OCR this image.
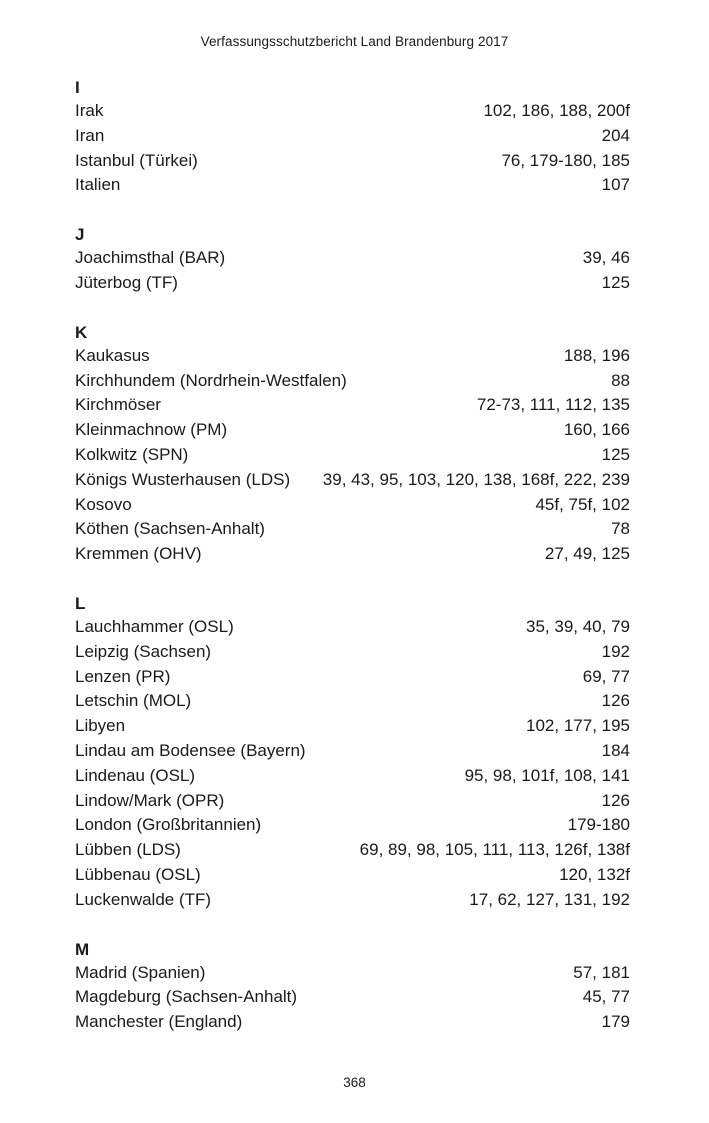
Verfassungsschutzbericht Land Brandenburg 2017
I
Irak	102, 186, 188, 200f
Iran	204
Istanbul (Türkei)	76, 179-180, 185
Italien	107
J
Joachimsthal (BAR)	39, 46
Jüterbog (TF)	125
K
Kaukasus	188, 196
Kirchhundem (Nordrhein-Westfalen)	88
Kirchmöser	72-73, 111, 112, 135
Kleinmachnow (PM)	160, 166
Kolkwitz (SPN)	125
Königs Wusterhausen (LDS) 39, 43, 95, 103, 120, 138, 168f, 222, 239
Kosovo	45f, 75f, 102
Köthen (Sachsen-Anhalt)	78
Kremmen (OHV)	27, 49, 125
L
Lauchhammer (OSL)	35, 39, 40, 79
Leipzig (Sachsen)	192
Lenzen (PR)	69, 77
Letschin (MOL)	126
Libyen	102, 177, 195
Lindau am Bodensee (Bayern)	184
Lindenau (OSL)	95, 98, 101f, 108, 141
Lindow/Mark (OPR)	126
London (Großbritannien)	179-180
Lübben (LDS)	69, 89, 98, 105, 111, 113, 126f, 138f
Lübbenau (OSL)	120, 132f
Luckenwalde (TF)	17, 62, 127, 131, 192
M
Madrid (Spanien)	57, 181
Magdeburg (Sachsen-Anhalt)	45, 77
Manchester (England)	179
368
